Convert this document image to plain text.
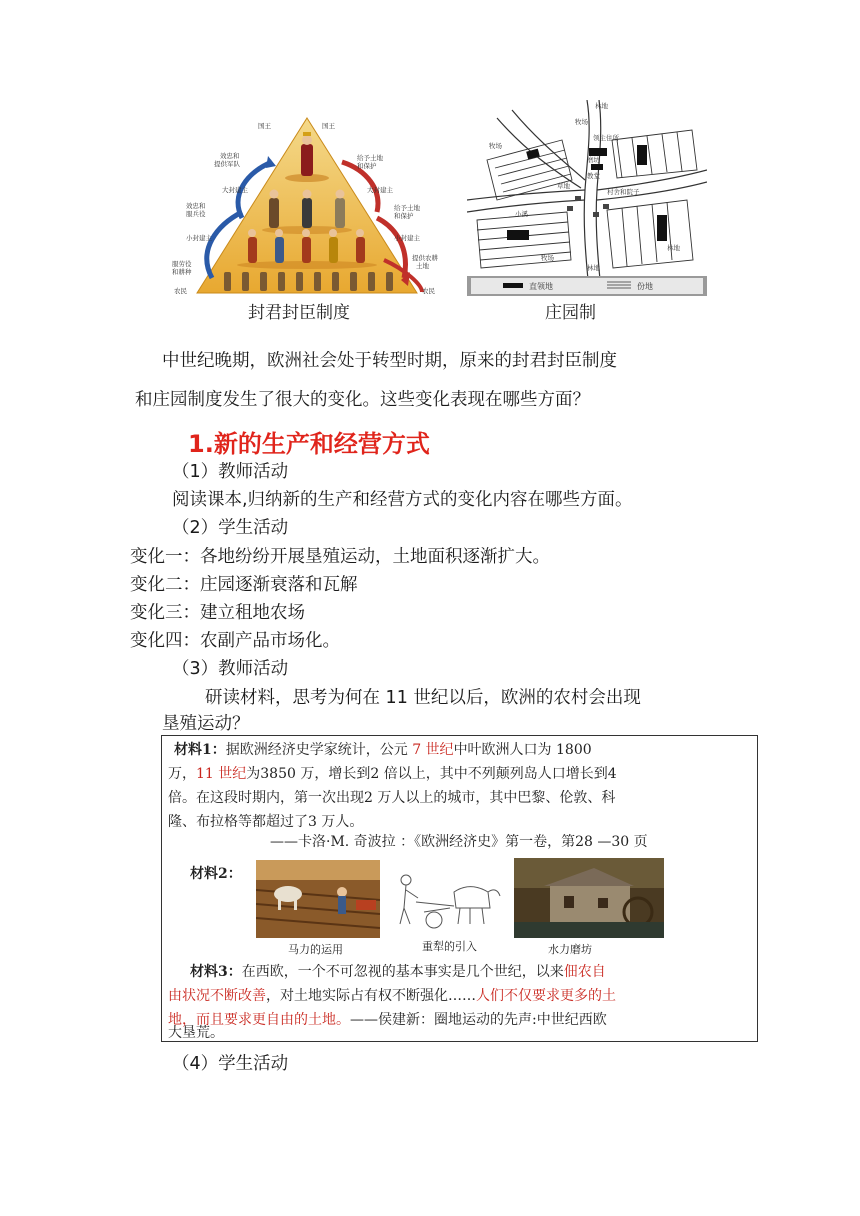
国王
国王
大封建主	大封建主
小封建主	小封建主
农民	农民
效忠和
提供军队
效忠和
服兵役
服劳役
和耕种
给予土地
和保护
给予土地
和保护
提供农耕
土地
封君封臣制度
林地
牧场
领主住所
磨坊
教堂
牧场
村舍和院子
草地
小溪
牧场
林地
林地
直领地	份地
庄园制
中世纪晚期，欧洲社会处于转型时期，原来的封君封臣制度
和庄园制度发生了很大的变化。这些变化表现在哪些方面？
1.新的生产和经营方式
（1）教师活动
阅读课本,归纳新的生产和经营方式的变化内容在哪些方面。
（2）学生活动
变化一：各地纷纷开展垦殖运动，土地面积逐渐扩大。
变化二：庄园逐渐衰落和瓦解
变化三：建立租地农场
变化四：农副产品市场化。
（3）教师活动
研读材料，思考为何在 11 世纪以后，欧洲的农村会出现
垦殖运动？
材料1：据欧洲经济史学家统计，公元 7 世纪中叶欧洲人口为 1800
万，11 世纪为3850 万，增长到2 倍以上，其中不列颠列岛人口增长到4
倍。在这段时期内，第一次出现2 万人以上的城市，其中巴黎、伦敦、科
隆、布拉格等都超过了3 万人。
——卡洛·M. 奇波拉 ：《欧洲经济史》第一卷，第28 —30 页
材料2：
马力的运用	重犁的引入	水力磨坊
材料3：在西欧，一个不可忽视的基本事实是几个世纪，以来佃农自
由状况不断改善，对土地实际占有权不断强化……人们不仅要求更多的土
地，而且要求更自由的土地。——侯建新：圈地运动的先声:中世纪西欧
大垦荒。
（4）学生活动
